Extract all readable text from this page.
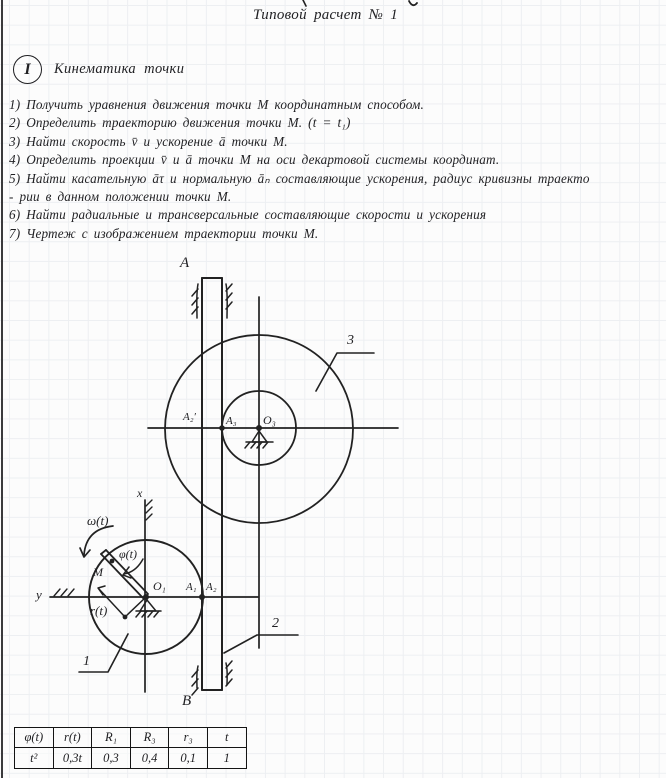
Типовой расчет № 1
I	Кинематика точки
1) Получить уравнения движения точки М координатным способом.
2) Определить траекторию движения точки М. (t = t₁)
3) Найти скорость v̄ и ускорение ā точки М.
4) Определить проекции v̄ и ā точки М на оси декартовой системы координат.
5) Найти касательную āτ и нормальную āₙ составляющие ускорения, радиус кривизны траекто
- рии в данном положении точки М.
6) Найти радиальные и трансверсальные составляющие скорости и ускорения
7) Чертеж с изображением траектории точки М.
A
B
3
2
1
x
y
ω(t)
φ(t)
M
r(t)
O₁ A₁ A₂
A₂′	A₃ O₃
φ(t)	r(t)	R₁	R₃	r₃	t
t²	0,3t	0,3	0,4	0,1	1
